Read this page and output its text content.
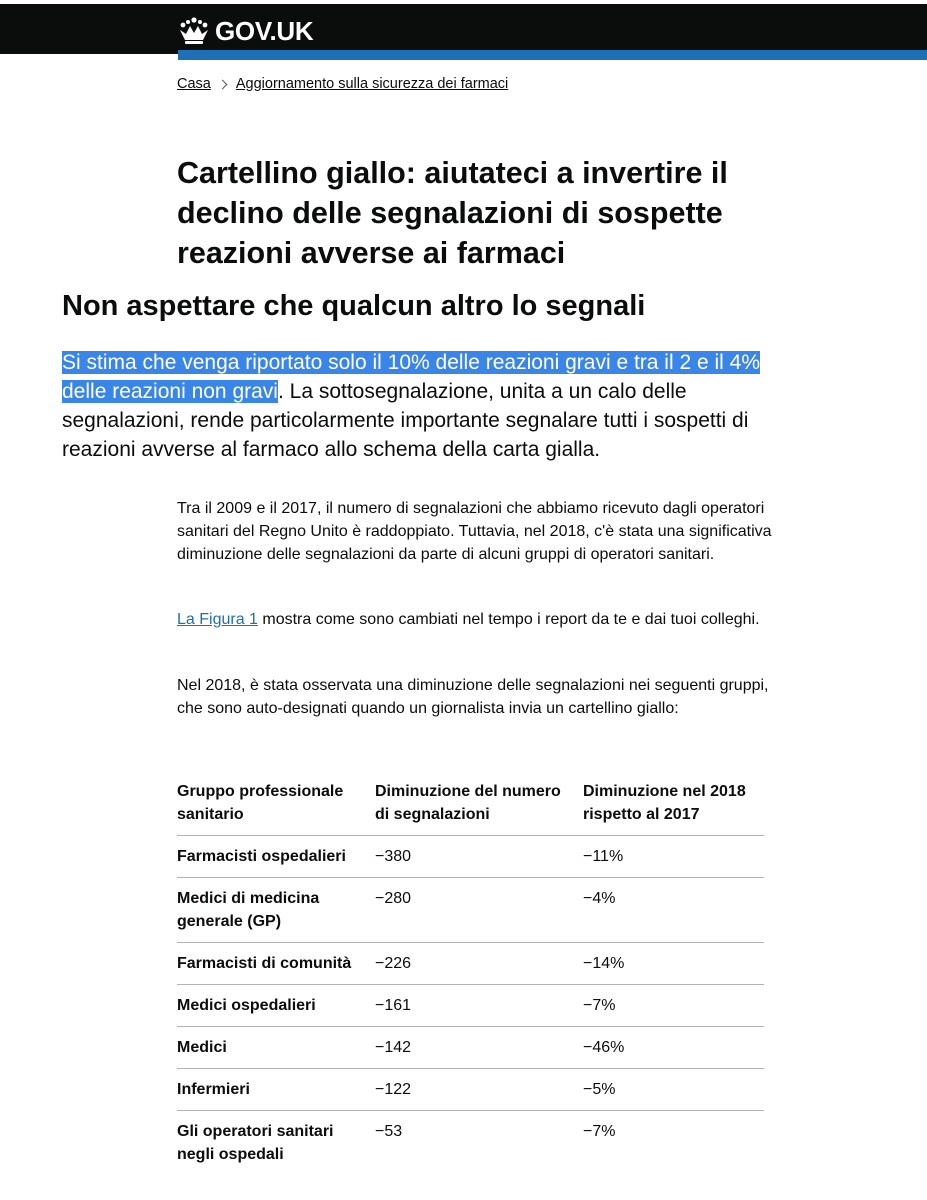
GOV.UK
Casa Aggiornamento sulla sicurezza dei farmaci
Cartellino giallo: aiutateci a invertire il declino delle segnalazioni di sospette reazioni avverse ai farmaci
Non aspettare che qualcun altro lo segnali

Si stima che venga riportato solo il 10% delle reazioni gravi e tra il 2 e il 4% delle reazioni non gravi. La sottosegnalazione, unita a un calo delle segnalazioni, rende particolarmente importante segnalare tutti i sospetti di reazioni avverse al farmaco allo schema della carta gialla.

Tra il 2009 e il 2017, il numero di segnalazioni che abbiamo ricevuto dagli operatori sanitari del Regno Unito è raddoppiato. Tuttavia, nel 2018, c'è stata una significativa diminuzione delle segnalazioni da parte di alcuni gruppi di operatori sanitari.

La Figura 1 mostra come sono cambiati nel tempo i report da te e dai tuoi colleghi.

Nel 2018, è stata osservata una diminuzione delle segnalazioni nei seguenti gruppi, che sono auto-designati quando un giornalista invia un cartellino giallo:

Gruppo professionale sanitario	Diminuzione del numero di segnalazioni	Diminuzione nel 2018 rispetto al 2017
Farmacisti ospedalieri	−380	−11%
Medici di medicina generale (GP)	−280	−4%
Farmacisti di comunità	−226	−14%
Medici ospedalieri	−161	−7%
Medici	−142	−46%
Infermieri	−122	−5%
Gli operatori sanitari negli ospedali	−53	−7%
